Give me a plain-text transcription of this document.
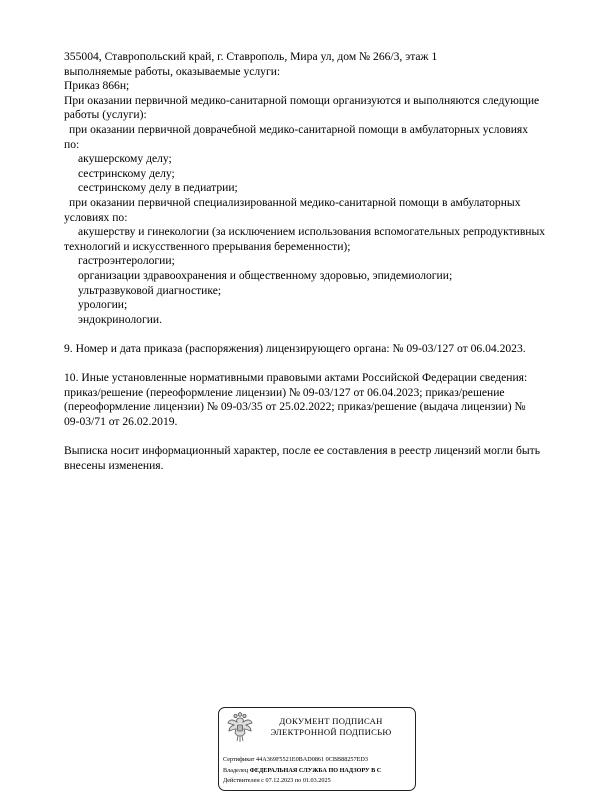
355004, Ставропольский край, г. Ставрополь, Мира ул, дом № 266/3, этаж 1
выполняемые работы, оказываемые услуги:
Приказ 866н;
При оказании первичной медико-санитарной помощи организуются и выполняются следующие
работы (услуги):
при оказании первичной доврачебной медико-санитарной помощи в амбулаторных условиях
по:
акушерскому делу;
сестринскому делу;
сестринскому делу в педиатрии;
при оказании первичной специализированной медико-санитарной помощи в амбулаторных
условиях по:
акушерству и гинекологии (за исключением использования вспомогательных репродуктивных
технологий и искусственного прерывания беременности);
гастроэнтерологии;
организации здравоохранения и общественному здоровью, эпидемиологии;
ультразвуковой диагностике;
урологии;
эндокринологии.
9. Номер и дата приказа (распоряжения) лицензирующего органа: № 09-03/127 от 06.04.2023.
10. Иные установленные нормативными правовыми актами Российской Федерации сведения:
приказ/решение (переоформление лицензии) № 09-03/127 от 06.04.2023; приказ/решение
(переоформление лицензии) № 09-03/35 от 25.02.2022; приказ/решение (выдача лицензии) №
09-03/71 от 26.02.2019.
Выписка носит информационный характер, после ее составления в реестр лицензий могли быть
внесены изменения.
ДОКУМЕНТ ПОДПИСАН
ЭЛЕКТРОННОЙ ПОДПИСЬЮ
Сертификат 44A369F5521E0BAD0861 0CBB88257ED3
Владелец ФЕДЕРАЛЬНАЯ СЛУЖБА ПО НАДЗОРУ В С
Действителен с 07.12.2023 по 01.03.2025
